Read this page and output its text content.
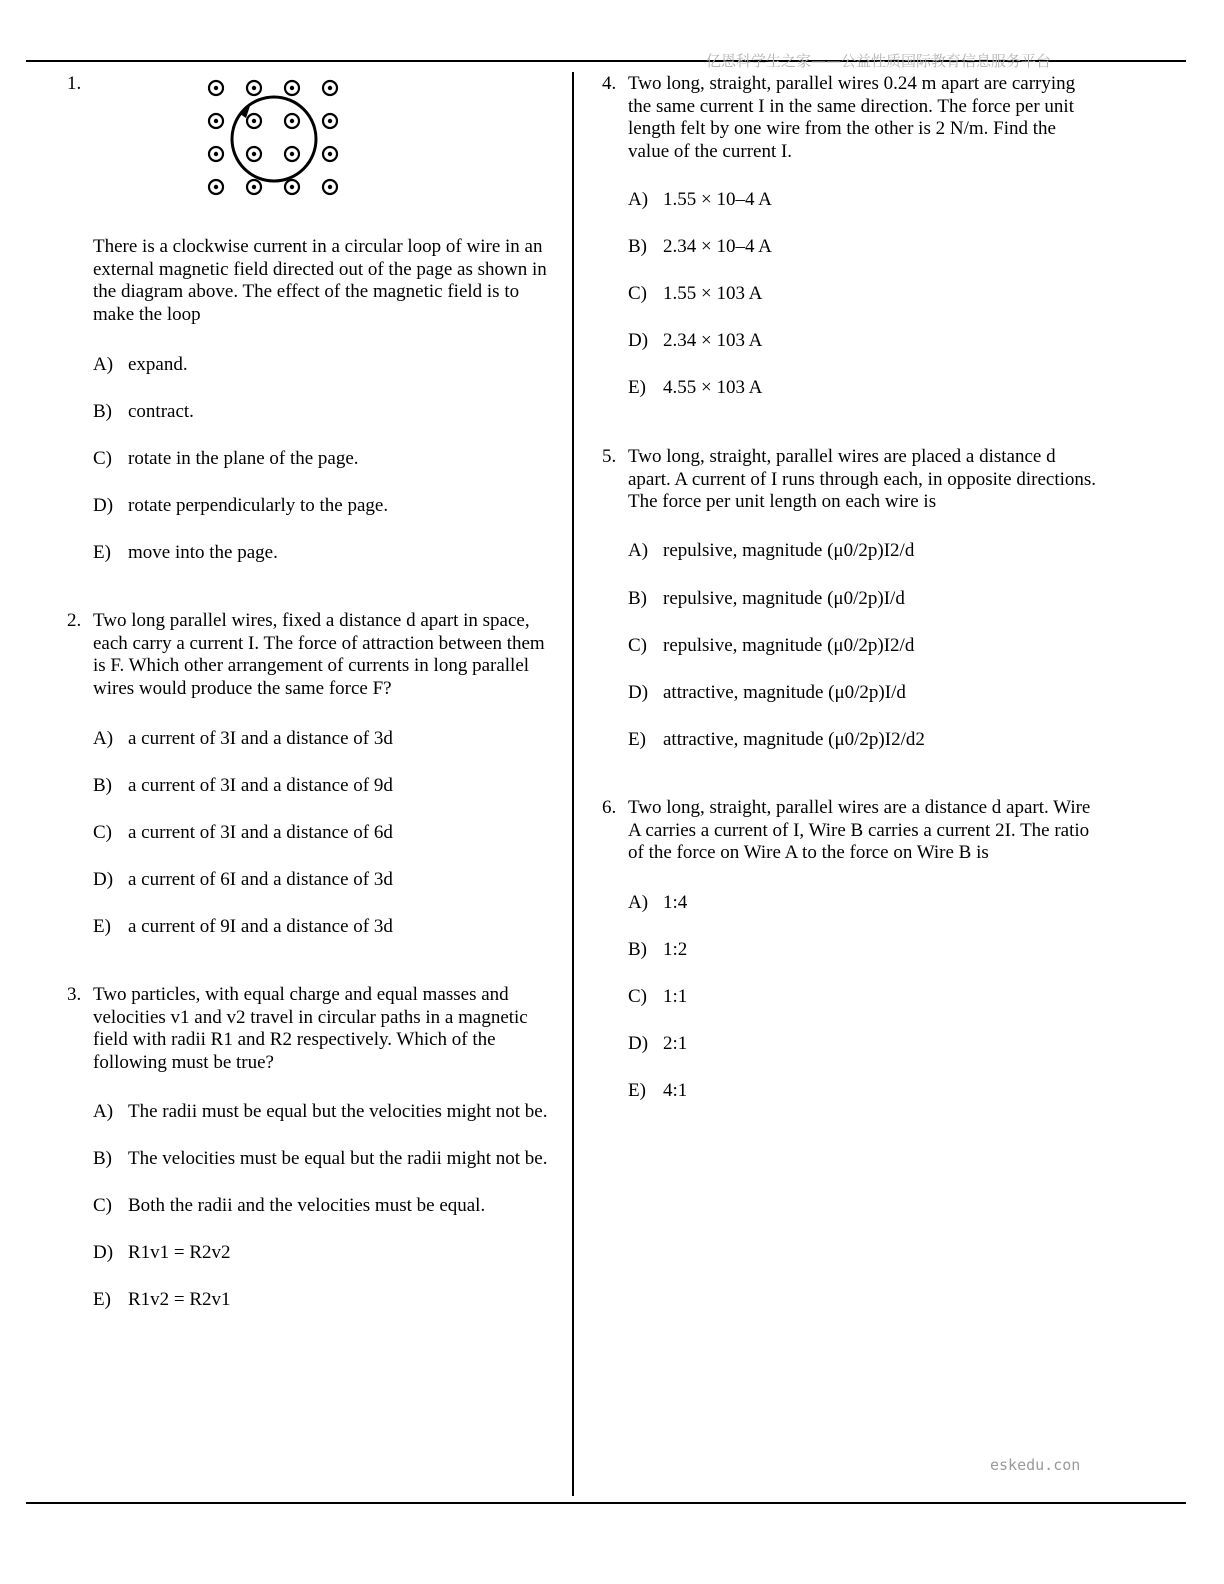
亿恩科学生之家——公益性质国际教育信息服务平台
eskedu.con
1.
There is a clockwise current in a circular loop of wire in an external magnetic field directed out of the page as shown in the diagram above. The effect of the magnetic field is to make the loop
A) expand.
B) contract.
C) rotate in the plane of the page.
D) rotate perpendicularly to the page.
E) move into the page.
2. Two long parallel wires, fixed a distance d apart in space, each carry a current I. The force of attraction between them is F. Which other arrangement of currents in long parallel wires would produce the same force F?
A) a current of 3I and a distance of 3d
B) a current of 3I and a distance of 9d
C) a current of 3I and a distance of 6d
D) a current of 6I and a distance of 3d
E) a current of 9I and a distance of 3d
3. Two particles, with equal charge and equal masses and velocities v1 and v2 travel in circular paths in a magnetic field with radii R1 and R2 respectively. Which of the following must be true?
A) The radii must be equal but the velocities might not be.
B) The velocities must be equal but the radii might not be.
C) Both the radii and the velocities must be equal.
D) R1v1 = R2v2
E) R1v2 = R2v1
4. Two long, straight, parallel wires 0.24 m apart are carrying the same current I in the same direction. The force per unit length felt by one wire from the other is 2 N/m. Find the value of the current I.
A) 1.55 × 10–4 A
B) 2.34 × 10–4 A
C) 1.55 × 103 A
D) 2.34 × 103 A
E) 4.55 × 103 A
5. Two long, straight, parallel wires are placed a distance d apart. A current of I runs through each, in opposite directions. The force per unit length on each wire is
A) repulsive, magnitude (μ0/2p)I2/d
B) repulsive, magnitude (μ0/2p)I/d
C) repulsive, magnitude (μ0/2p)I2/d
D) attractive, magnitude (μ0/2p)I/d
E) attractive, magnitude (μ0/2p)I2/d2
6. Two long, straight, parallel wires are a distance d apart. Wire A carries a current of I, Wire B carries a current 2I. The ratio of the force on Wire A to the force on Wire B is
A) 1:4
B) 1:2
C) 1:1
D) 2:1
E) 4:1
